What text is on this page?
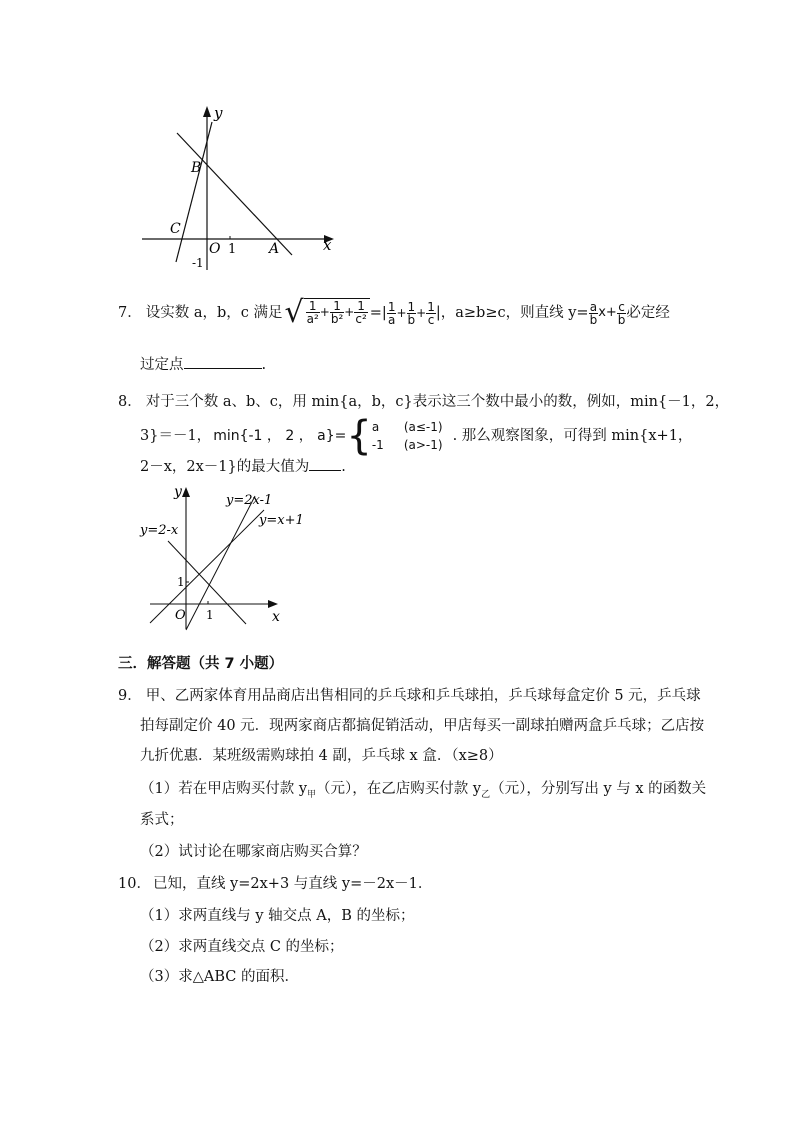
y
B
C
O 1 A	x
-1
7． 设实数 a，b，c 满足 √ $\frac{1}{\text{a²}} + \frac{1}{\text{b²}} + \frac{1}{\text{c²}}$ =| $\frac{1}{a} + \frac{1}{b} + \frac{1}{c}$ |，a≥b≥c，则直线 $y= \frac{a}{b} x+ \frac{c}{b}$ 必定经
过定点	.
8． 对于三个数 a、b、c，用 min{a，b，c}表示这三个数中最小的数，例如，min{－1，2，
3}＝－1， min{-1 ， 2 ， a}= { a (a≤-1)
-1 (a>-1)
. 那么观察图象，可得到 min{x+1，
2－x，2x－1}的最大值为 .
y
y=2x-1
y=x+1
y=2-x
1
O 1	x
三．解答题（共 7 小题）
9． 甲、乙两家体育用品商店出售相同的乒乓球和乒乓球拍，乒乓球每盒定价 5 元，乒乓球
拍每副定价 40 元．现两家商店都搞促销活动，甲店每买一副球拍赠两盒乒乓球；乙店按
九折优惠．某班级需购球拍 4 副，乒乓球 x 盒．（x≥8）
（1）若在甲店购买付款 $y_甲$（元），在乙店购买付款 $y_乙$（元），分别写出 y 与 x 的函数关
系式；
（2）试讨论在哪家商店购买合算？
10． 已知，直线 y=2x+3 与直线 y=－2x－1．
（1）求两直线与 y 轴交点 A，B 的坐标；
（2）求两直线交点 C 的坐标；
（3）求△ABC 的面积．
